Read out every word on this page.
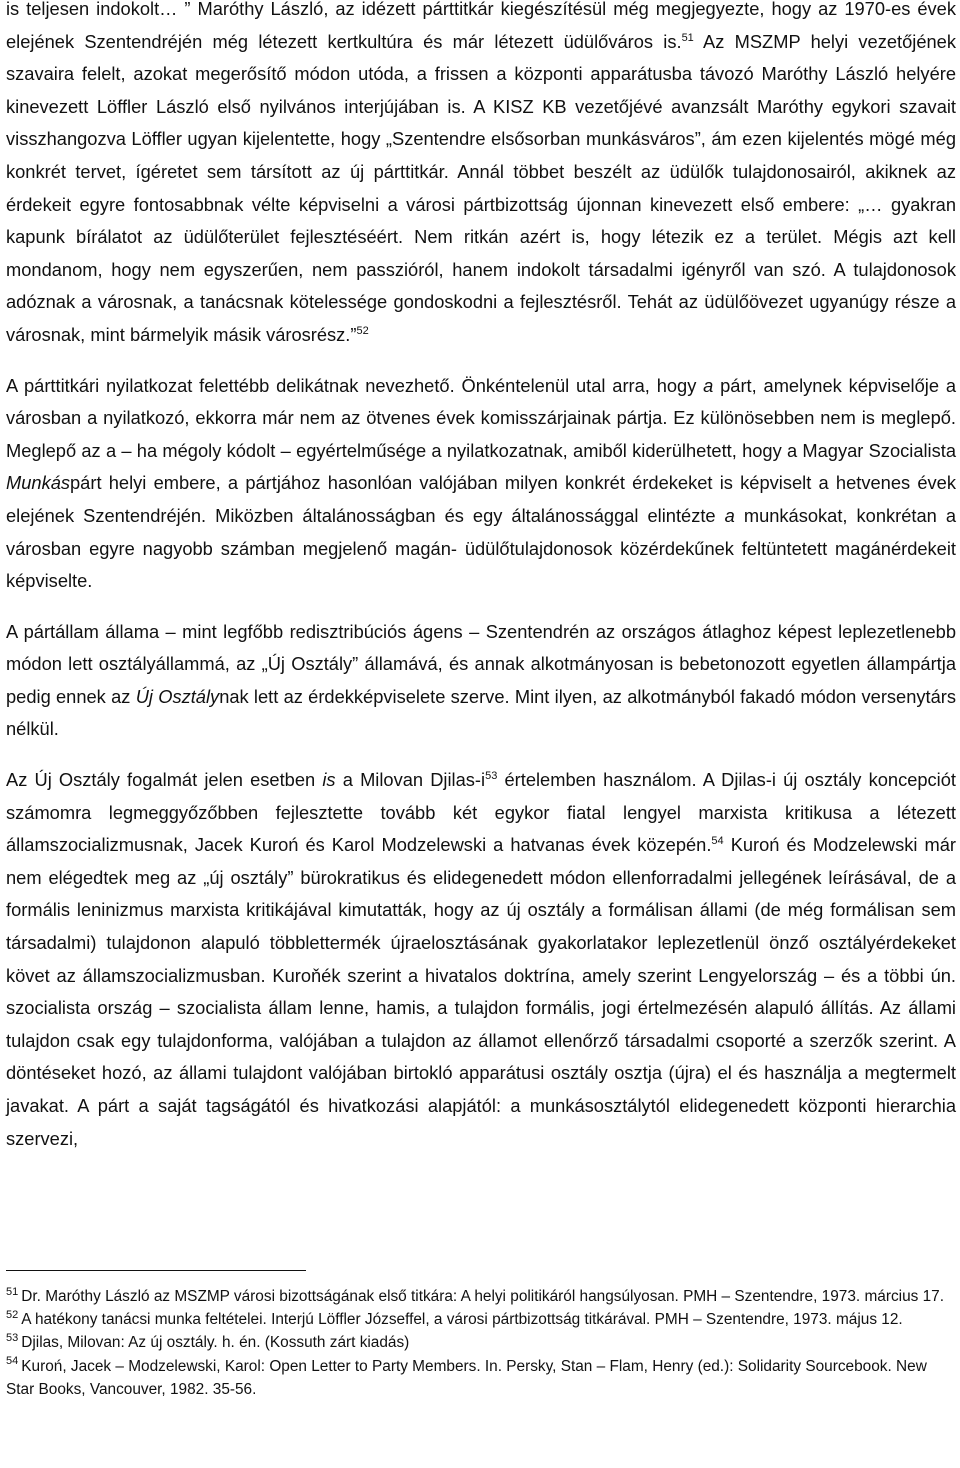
is teljesen indokolt… ” Maróthy László, az idézett párttitkár kiegészítésül még megjegyezte, hogy az 1970-es évek elejének Szentendréjén még létezett kertkultúra és már létezett üdülőváros is.$^{51}$ Az MSZMP helyi vezetőjének szavaira felelt, azokat megerősítő módon utóda, a frissen a központi apparátusba távozó Maróthy László helyére kinevezett Löffler László első nyilvános interjújában is. A KISZ KB vezetőjévé avanzsált Maróthy egykori szavait visszhangozva Löffler ugyan kijelentette, hogy „Szentendre elsősorban munkásváros”, ám ezen kijelentés mögé még konkrét tervet, ígéretet sem társított az új párttitkár. Annál többet beszélt az üdülők tulajdonosairól, akiknek az érdekeit egyre fontosabbnak vélte képviselni a városi pártbizottság újonnan kinevezett első embere: „… gyakran kapunk bírálatot az üdülőterület fejlesztéséért. Nem ritkán azért is, hogy létezik ez a terület. Mégis azt kell mondanom, hogy nem egyszerűen, nem passzióról, hanem indokolt társadalmi igényről van szó. A tulajdonosok adóznak a városnak, a tanácsnak kötelessége gondoskodni a fejlesztésről. Tehát az üdülőövezet ugyanúgy része a városnak, mint bármelyik másik városrész.”$^{52}$

A párttitkári nyilatkozat felettébb delikátnak nevezhető. Önkéntelenül utal arra, hogy a párt, amelynek képviselője a városban a nyilatkozó, ekkorra már nem az ötvenes évek komisszárjainak pártja. Ez különösebben nem is meglepő. Meglepő az a – ha mégoly kódolt – egyértelműsége a nyilatkozatnak, amiből kiderülhetett, hogy a Magyar Szocialista Munkáspárt helyi embere, a pártjához hasonlóan valójában milyen konkrét érdekeket is képviselt a hetvenes évek elejének Szentendréjén. Miközben általánosságban és egy általánossággal elintézte a munkásokat, konkrétan a városban egyre nagyobb számban megjelenő magán- üdülőtulajdonosok közérdekűnek feltüntetett magánérdekeit képviselte.

A pártállam állama – mint legfőbb redisztribúciós ágens – Szentendrén az országos átlaghoz képest leplezetlenebb módon lett osztályállammá, az „Új Osztály” államává, és annak alkotmányosan is bebetonozott egyetlen állampártja pedig ennek az Új Osztálynak lett az érdekképviselete szerve. Mint ilyen, az alkotmányból fakadó módon versenytárs nélkül.

Az Új Osztály fogalmát jelen esetben is a Milovan Djilas-i$^{53}$ értelemben használom. A Djilas-i új osztály koncepciót számomra legmeggyőzőbben fejlesztette tovább két egykor fiatal lengyel marxista kritikusa a létezett államszocializmusnak, Jacek Kuroń és Karol Modzelewski a hatvanas évek közepén.$^{54}$ Kuroń és Modzelewski már nem elégedtek meg az „új osztály” bürokratikus és elidegenedett módon ellenforradalmi jellegének leírásával, de a formális leninizmus marxista kritikájával kimutatták, hogy az új osztály a formálisan állami (de még formálisan sem társadalmi) tulajdonon alapuló többlettermék újraelosztásának gyakorlatakor leplezetlenül önző osztályérdekeket követ az államszocializmusban. Kuroňék szerint a hivatalos doktrína, amely szerint Lengyelország – és a többi ún. szocialista ország – szocialista állam lenne, hamis, a tulajdon formális, jogi értelmezésén alapuló állítás. Az állami tulajdon csak egy tulajdonforma, valójában a tulajdon az államot ellenőrző társadalmi csoporté a szerzők szerint. A döntéseket hozó, az állami tulajdont valójában birtokló apparátusi osztály osztja (újra) el és használja a megtermelt javakat. A párt a saját tagságától és hivatkozási alapjától: a munkásosztálytól elidegenedett központi hierarchia szervezi,

$^{51}$ Dr. Maróthy László az MSZMP városi bizottságának első titkára: A helyi politikáról hangsúlyosan. PMH – Szentendre, 1973. március 17.

$^{52}$ A hatékony tanácsi munka feltételei. Interjú Löffler Józseffel, a városi pártbizottság titkárával. PMH – Szentendre, 1973. május 12.

$^{53}$ Djilas, Milovan: Az új osztály. h. én. (Kossuth zárt kiadás)

$^{54}$ Kuroń, Jacek – Modzelewski, Karol: Open Letter to Party Members. In. Persky, Stan – Flam, Henry (ed.): Solidarity Sourcebook. New Star Books, Vancouver, 1982. 35-56.
